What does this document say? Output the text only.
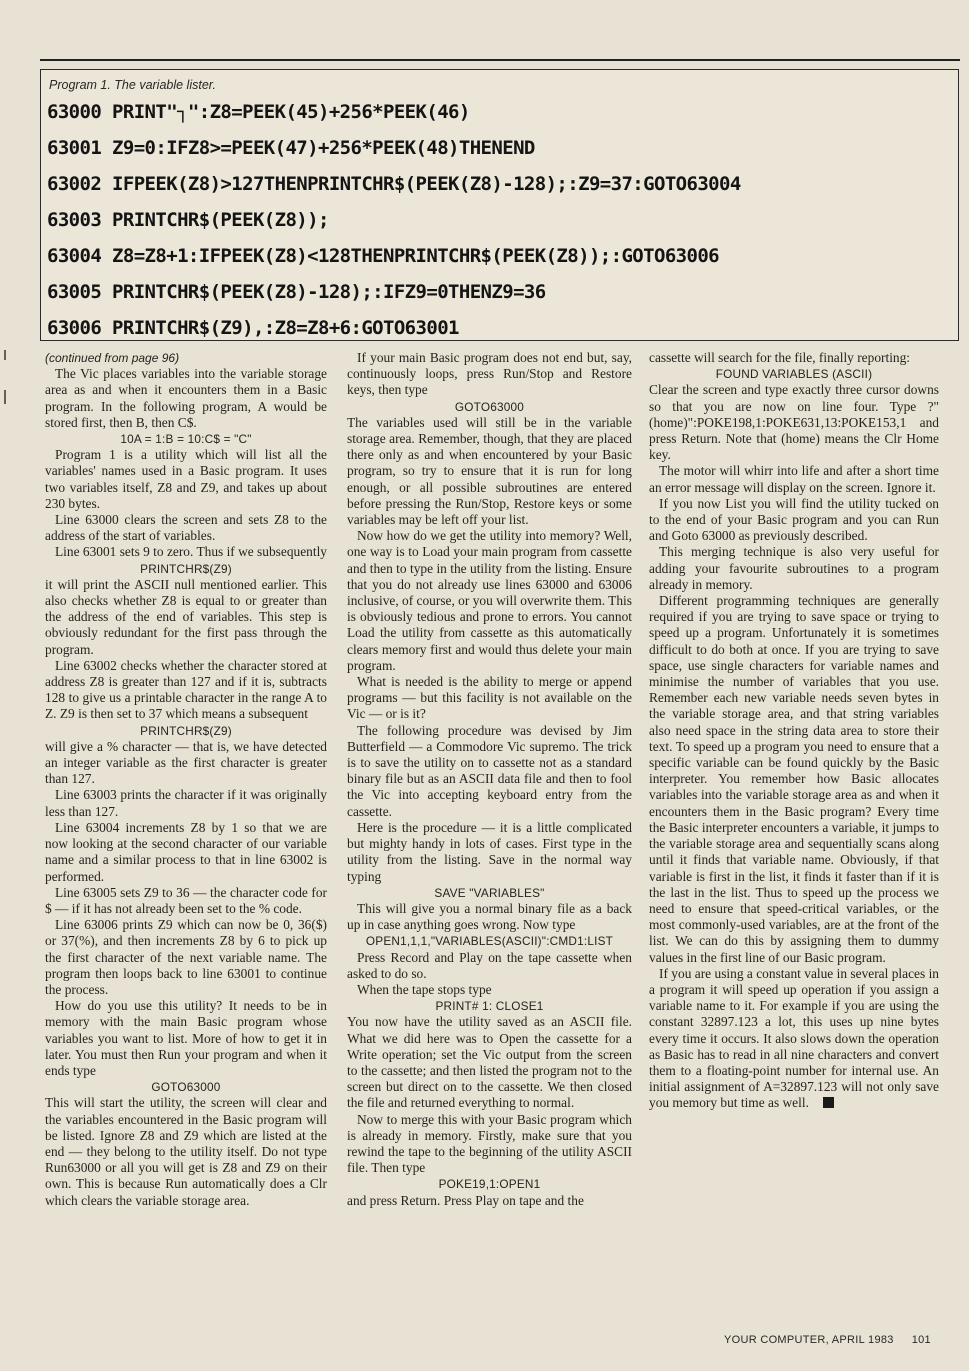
Program 1. The variable lister.
63000 PRINT"┐":Z8=PEEK(45)+256*PEEK(46)
63001 Z9=0:IFZ8>=PEEK(47)+256*PEEK(48)THENEND
63002 IFPEEK(Z8)>127THENPRINTCHR$(PEEK(Z8)-128);:Z9=37:GOTO63004
63003 PRINTCHR$(PEEK(Z8));
63004 Z8=Z8+1:IFPEEK(Z8)<128THENPRINTCHR$(PEEK(Z8));:GOTO63006
63005 PRINTCHR$(PEEK(Z8)-128);:IFZ9=0THENZ9=36
63006 PRINTCHR$(Z9),:Z8=Z8+6:GOTO63001

(continued from page 96)

The Vic places variables into the variable storage area as and when it encounters them in a Basic program. In the following program, A would be stored first, then B, then C$.

10A = 1:B = 10:C$ = "C"

Program 1 is a utility which will list all the variables' names used in a Basic program. It uses two variables itself, Z8 and Z9, and takes up about 230 bytes.

Line 63000 clears the screen and sets Z8 to the address of the start of variables.

Line 63001 sets 9 to zero. Thus if we subsequently

PRINTCHR$(Z9)

it will print the ASCII null mentioned earlier. This also checks whether Z8 is equal to or greater than the address of the end of variables. This step is obviously redundant for the first pass through the program.

Line 63002 checks whether the character stored at address Z8 is greater than 127 and if it is, subtracts 128 to give us a printable character in the range A to Z. Z9 is then set to 37 which means a subsequent

PRINTCHR$(Z9)

will give a % character — that is, we have detected an integer variable as the first character is greater than 127.

Line 63003 prints the character if it was originally less than 127.

Line 63004 increments Z8 by 1 so that we are now looking at the second character of our variable name and a similar process to that in line 63002 is performed.

Line 63005 sets Z9 to 36 — the character code for $ — if it has not already been set to the % code.

Line 63006 prints Z9 which can now be 0, 36($) or 37(%), and then increments Z8 by 6 to pick up the first character of the next variable name. The program then loops back to line 63001 to continue the process.

How do you use this utility? It needs to be in memory with the main Basic program whose variables you want to list. More of how to get it in later. You must then Run your program and when it ends type

GOTO63000

This will start the utility, the screen will clear and the variables encountered in the Basic program will be listed. Ignore Z8 and Z9 which are listed at the end — they belong to the utility itself. Do not type Run63000 or all you will get is Z8 and Z9 on their own. This is because Run automatically does a Clr which clears the variable storage area.

If your main Basic program does not end but, say, continuously loops, press Run/Stop and Restore keys, then type

GOTO63000

The variables used will still be in the variable storage area. Remember, though, that they are placed there only as and when encountered by your Basic program, so try to ensure that it is run for long enough, or all possible subroutines are entered before pressing the Run/Stop, Restore keys or some variables may be left off your list.

Now how do we get the utility into memory? Well, one way is to Load your main program from cassette and then to type in the utility from the listing. Ensure that you do not already use lines 63000 and 63006 inclusive, of course, or you will overwrite them. This is obviously tedious and prone to errors. You cannot Load the utility from cassette as this automatically clears memory first and would thus delete your main program.

What is needed is the ability to merge or append programs — but this facility is not available on the Vic — or is it?

The following procedure was devised by Jim Butterfield — a Commodore Vic supremo. The trick is to save the utility on to cassette not as a standard binary file but as an ASCII data file and then to fool the Vic into accepting keyboard entry from the cassette.

Here is the procedure — it is a little complicated but mighty handy in lots of cases. First type in the utility from the listing. Save in the normal way typing

SAVE "VARIABLES"

This will give you a normal binary file as a back up in case anything goes wrong. Now type

OPEN1,1,1,"VARIABLES(ASCII)":CMD1:LIST

Press Record and Play on the tape cassette when asked to do so.

When the tape stops type

PRINT# 1: CLOSE1

You now have the utility saved as an ASCII file. What we did here was to Open the cassette for a Write operation; set the Vic output from the screen to the cassette; and then listed the program not to the screen but direct on to the cassette. We then closed the file and returned everything to normal.

Now to merge this with your Basic program which is already in memory. Firstly, make sure that you rewind the tape to the beginning of the utility ASCII file. Then type

POKE19,1:OPEN1

and press Return. Press Play on tape and the

cassette will search for the file, finally reporting:

FOUND VARIABLES (ASCII)

Clear the screen and type exactly three cursor downs so that you are now on line four. Type ?"(home)":POKE198,1:POKE631,13:POKE153,1 and press Return. Note that (home) means the Clr Home key.

The motor will whirr into life and after a short time an error message will display on the screen. Ignore it.

If you now List you will find the utility tucked on to the end of your Basic program and you can Run and Goto 63000 as previously described.

This merging technique is also very useful for adding your favourite subroutines to a program already in memory.

Different programming techniques are generally required if you are trying to save space or trying to speed up a program. Unfortunately it is sometimes difficult to do both at once. If you are trying to save space, use single characters for variable names and minimise the number of variables that you use. Remember each new variable needs seven bytes in the variable storage area, and that string variables also need space in the string data area to store their text. To speed up a program you need to ensure that a specific variable can be found quickly by the Basic interpreter. You remember how Basic allocates variables into the variable storage area as and when it encounters them in the Basic program? Every time the Basic interpreter encounters a variable, it jumps to the variable storage area and sequentially scans along until it finds that variable name. Obviously, if that variable is first in the list, it finds it faster than if it is the last in the list. Thus to speed up the process we need to ensure that speed-critical variables, or the most commonly-used variables, are at the front of the list. We can do this by assigning them to dummy values in the first line of our Basic program.

If you are using a constant value in several places in a program it will speed up operation if you assign a variable name to it. For example if you are using the constant 32897.123 a lot, this uses up nine bytes every time it occurs. It also slows down the operation as Basic has to read in all nine characters and convert them to a floating-point number for internal use. An initial assignment of A=32897.123 will not only save you memory but time as well.

YOUR COMPUTER, APRIL 1983 101
